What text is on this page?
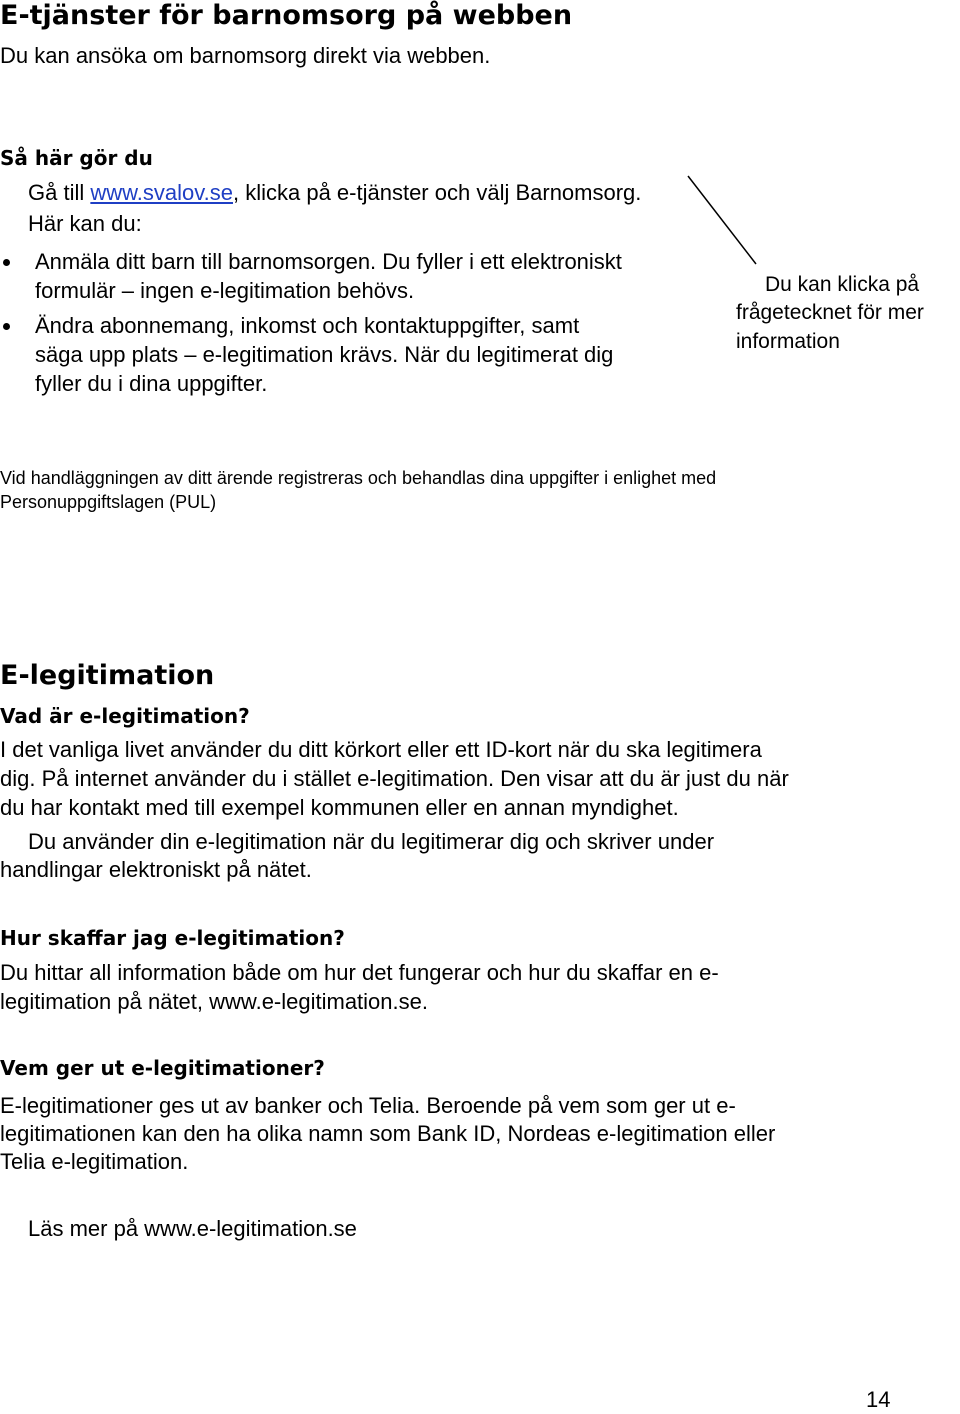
E-tjänster för barnomsorg på webben
Du kan ansöka om barnomsorg direkt via webben.
Så här gör du
Gå till www.svalov.se, klicka på e-tjänster och välj Barnomsorg.
Här kan du:
Anmäla ditt barn till barnomsorgen. Du fyller i ett elektroniskt
formulär – ingen e-legitimation behövs.
Ändra abonnemang, inkomst och kontaktuppgifter, samt
säga upp plats – e-legitimation krävs. När du legitimerat dig
fyller du i dina uppgifter.
Du kan klicka på
frågetecknet för mer
information
Vid handläggningen av ditt ärende registreras och behandlas dina uppgifter i enlighet med
Personuppgiftslagen (PUL)
E-legitimation
Vad är e-legitimation?
I det vanliga livet använder du ditt körkort eller ett ID-kort när du ska legitimera
dig. På internet använder du i stället e-legitimation. Den visar att du är just du när
du har kontakt med till exempel kommunen eller en annan myndighet.
Du använder din e-legitimation när du legitimerar dig och skriver under
handlingar elektroniskt på nätet.
Hur skaffar jag e-legitimation?
Du hittar all information både om hur det fungerar och hur du skaffar en e-
legitimation på nätet, www.e-legitimation.se.
Vem ger ut e-legitimationer?
E-legitimationer ges ut av banker och Telia. Beroende på vem som ger ut e-
legitimationen kan den ha olika namn som Bank ID, Nordeas e-legitimation eller
Telia e-legitimation.
Läs mer på www.e-legitimation.se
14
